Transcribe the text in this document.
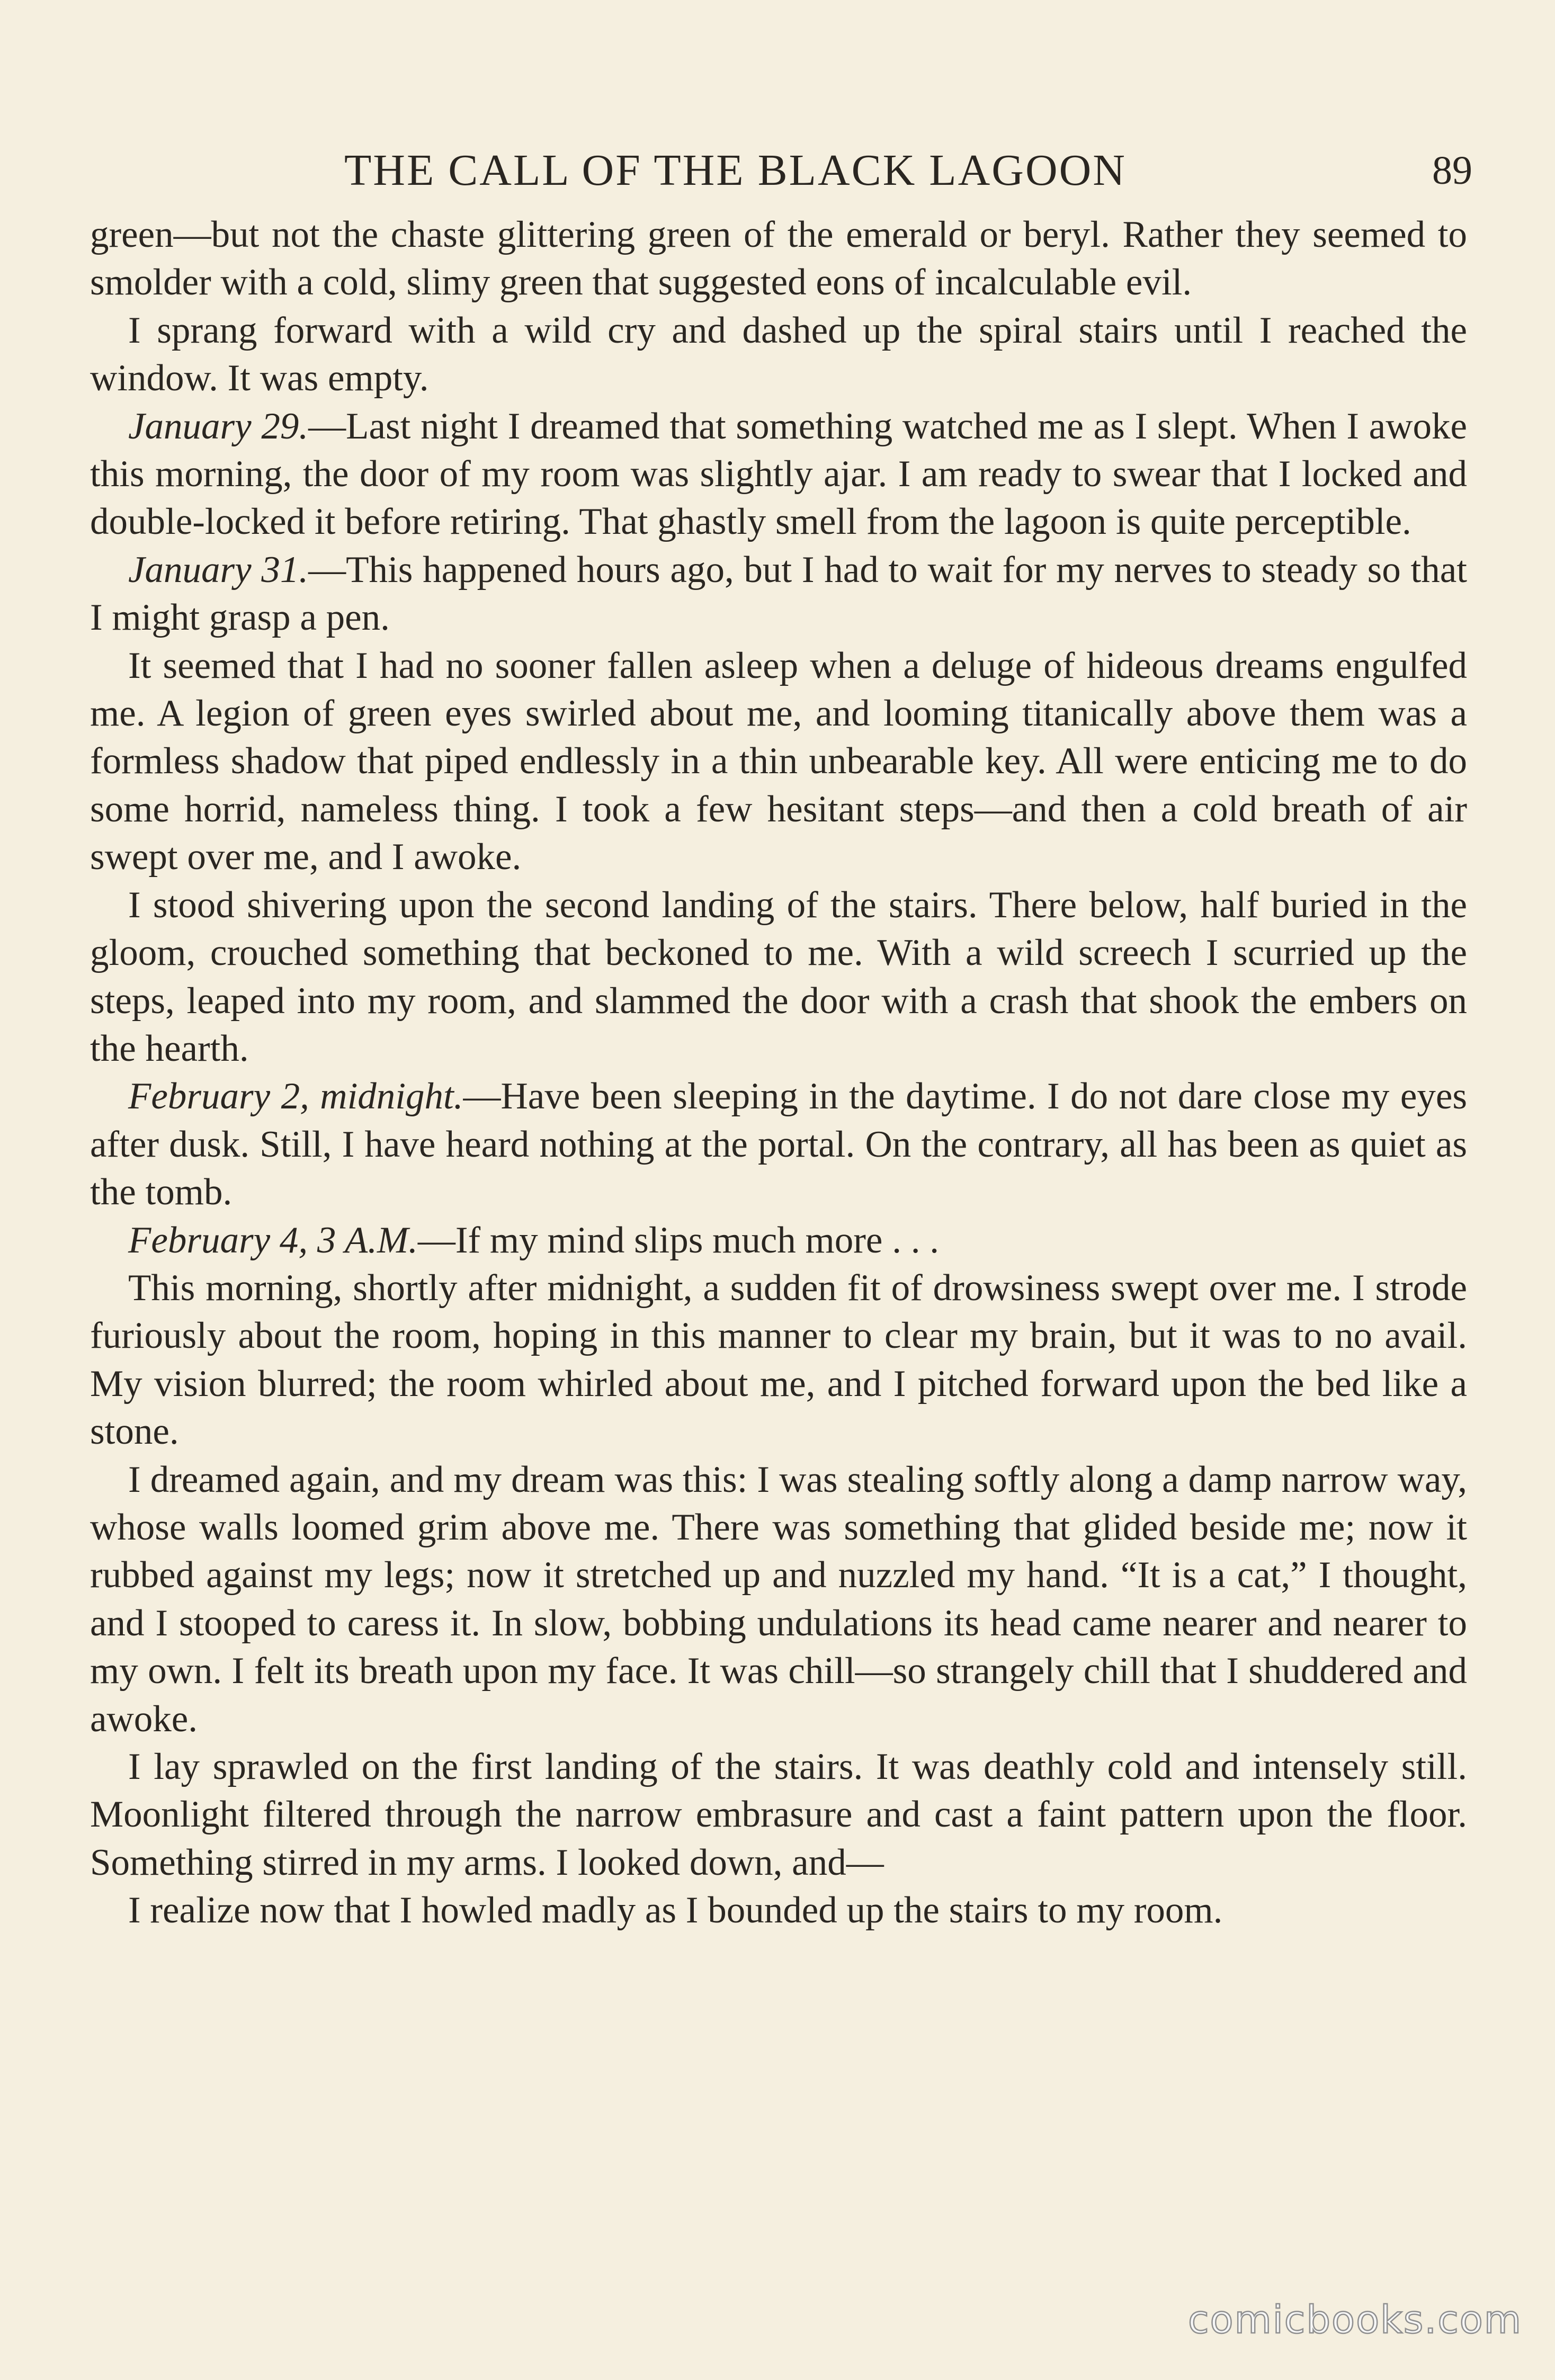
THE CALL OF THE BLACK LAGOON	89

green—but not the chaste glittering green of the emerald or beryl. Rather they seemed to smolder with a cold, slimy green that suggested eons of incalculable evil.

I sprang forward with a wild cry and dashed up the spiral stairs until I reached the window. It was empty.

January 29.—Last night I dreamed that something watched me as I slept. When I awoke this morning, the door of my room was slightly ajar. I am ready to swear that I locked and double-locked it before retiring. That ghastly smell from the lagoon is quite perceptible.

January 31.—This happened hours ago, but I had to wait for my nerves to steady so that I might grasp a pen.

It seemed that I had no sooner fallen asleep when a deluge of hideous dreams engulfed me. A legion of green eyes swirled about me, and looming titanically above them was a formless shadow that piped endlessly in a thin unbearable key. All were enticing me to do some horrid, nameless thing. I took a few hesitant steps—and then a cold breath of air swept over me, and I awoke.

I stood shivering upon the second landing of the stairs. There below, half buried in the gloom, crouched something that beckoned to me. With a wild screech I scurried up the steps, leaped into my room, and slammed the door with a crash that shook the embers on the hearth.

February 2, midnight.—Have been sleeping in the daytime. I do not dare close my eyes after dusk. Still, I have heard nothing at the portal. On the contrary, all has been as quiet as the tomb.

February 4, 3 A.M.—If my mind slips much more . . .

This morning, shortly after midnight, a sudden fit of drowsiness swept over me. I strode furiously about the room, hoping in this manner to clear my brain, but it was to no avail. My vision blurred; the room whirled about me, and I pitched forward upon the bed like a stone.

I dreamed again, and my dream was this: I was stealing softly along a damp narrow way, whose walls loomed grim above me. There was something that glided beside me; now it rubbed against my legs; now it stretched up and nuzzled my hand. “It is a cat,” I thought, and I stooped to caress it. In slow, bobbing undulations its head came nearer and nearer to my own. I felt its breath upon my face. It was chill—so strangely chill that I shuddered and awoke.

I lay sprawled on the first landing of the stairs. It was deathly cold and intensely still. Moonlight filtered through the narrow embrasure and cast a faint pattern upon the floor. Something stirred in my arms. I looked down, and—

I realize now that I howled madly as I bounded up the stairs to my room.

comicbooks.com
